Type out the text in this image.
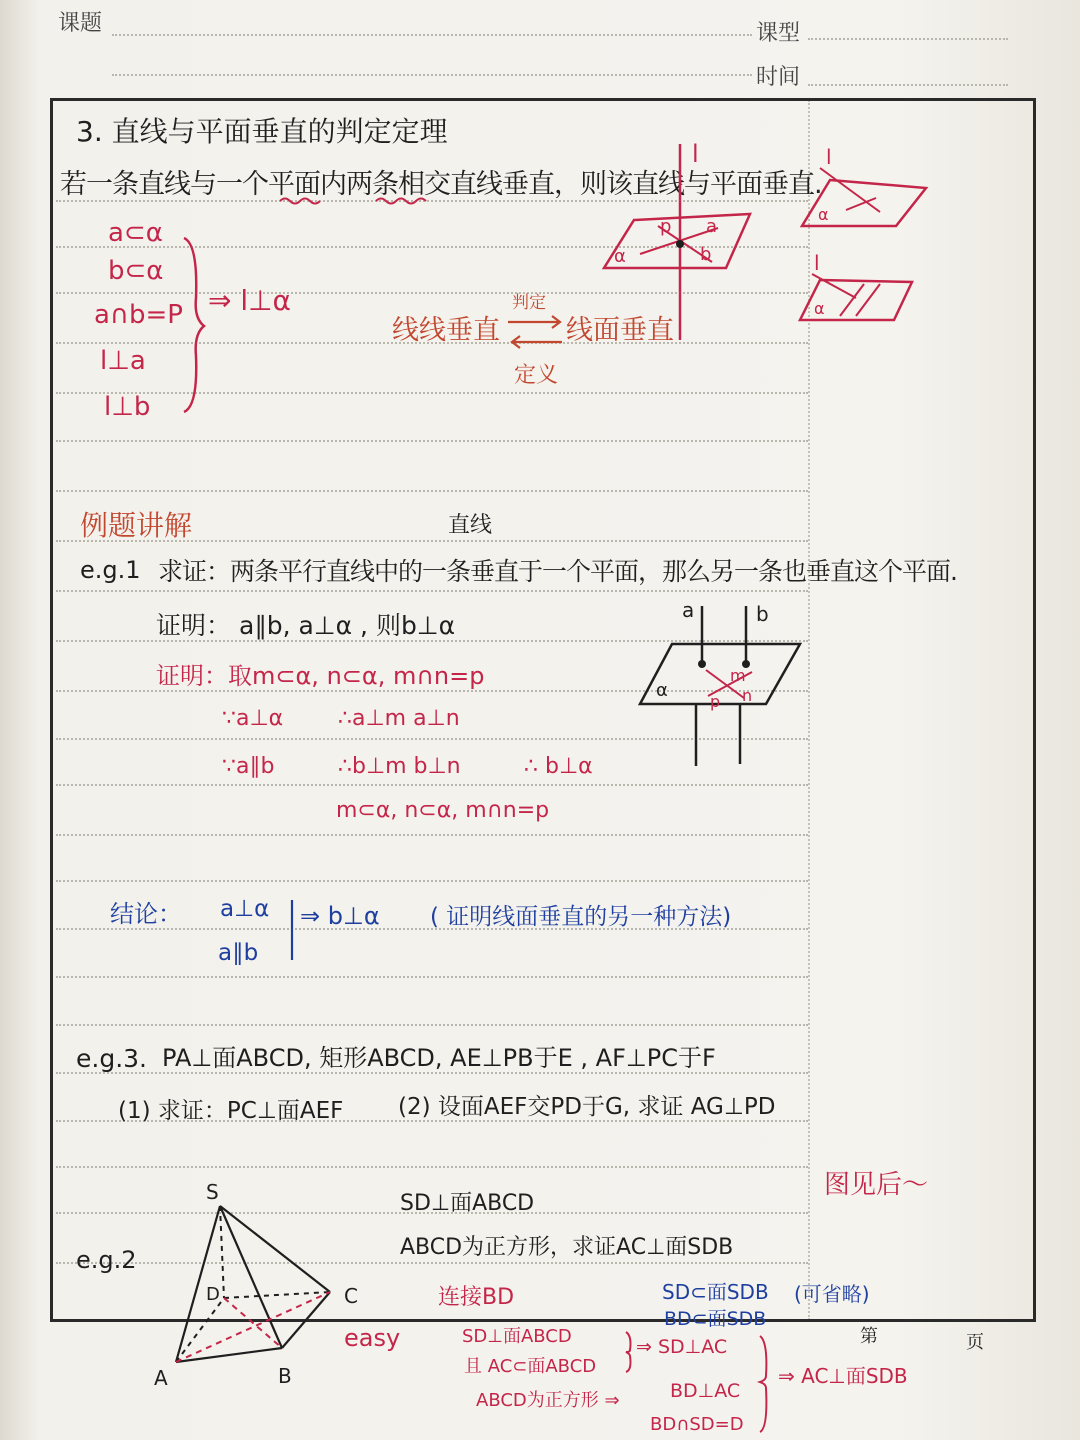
课题	课型
时间
3. 直线与平面垂直的判定定理
若一条直线与一个平面内两条相交直线垂直，则该直线与平面垂直.
a⊂α
b⊂α
a∩b=P
l⊥a
l⊥b
⇒ l⊥α
线线垂直 线面垂直
判定
定义
l
p a
b
α
l
α
l
α
例题讲解	直线
e.g.1 求证：两条平行直线中的一条垂直于一个平面，那么另一条也垂直这个平面.
证明： a∥b, a⊥α , 则b⊥α
证明：取m⊂α, n⊂α, m∩n=p
∵a⊥α ∴a⊥m a⊥n
∵a∥b	∴b⊥m b⊥n	∴ b⊥α
m⊂α, n⊂α, m∩n=p
a	b
m
n
p
α
结论： a⊥α
a∥b
⇒ b⊥α ( 证明线面垂直的另一种方法)
e.g.3. PA⊥面ABCD, 矩形ABCD, AE⊥PB于E , AF⊥PC于F
(1) 求证：PC⊥面AEF (2) 设面AEF交PD于G, 求证 AG⊥PD
图见后～
e.g.2
SD⊥面ABCD
ABCD为正方形，求证AC⊥面SDB
S
D	C
A	B
easy
连接BD
SD⊥面ABCD
且 AC⊂面ABCD
ABCD为正方形 ⇒
⇒ SD⊥AC
BD⊥AC
BD∩SD=D
SD⊂面SDB
BD⊂面SDB
(可省略)
⇒ AC⊥面SDB
第	页
